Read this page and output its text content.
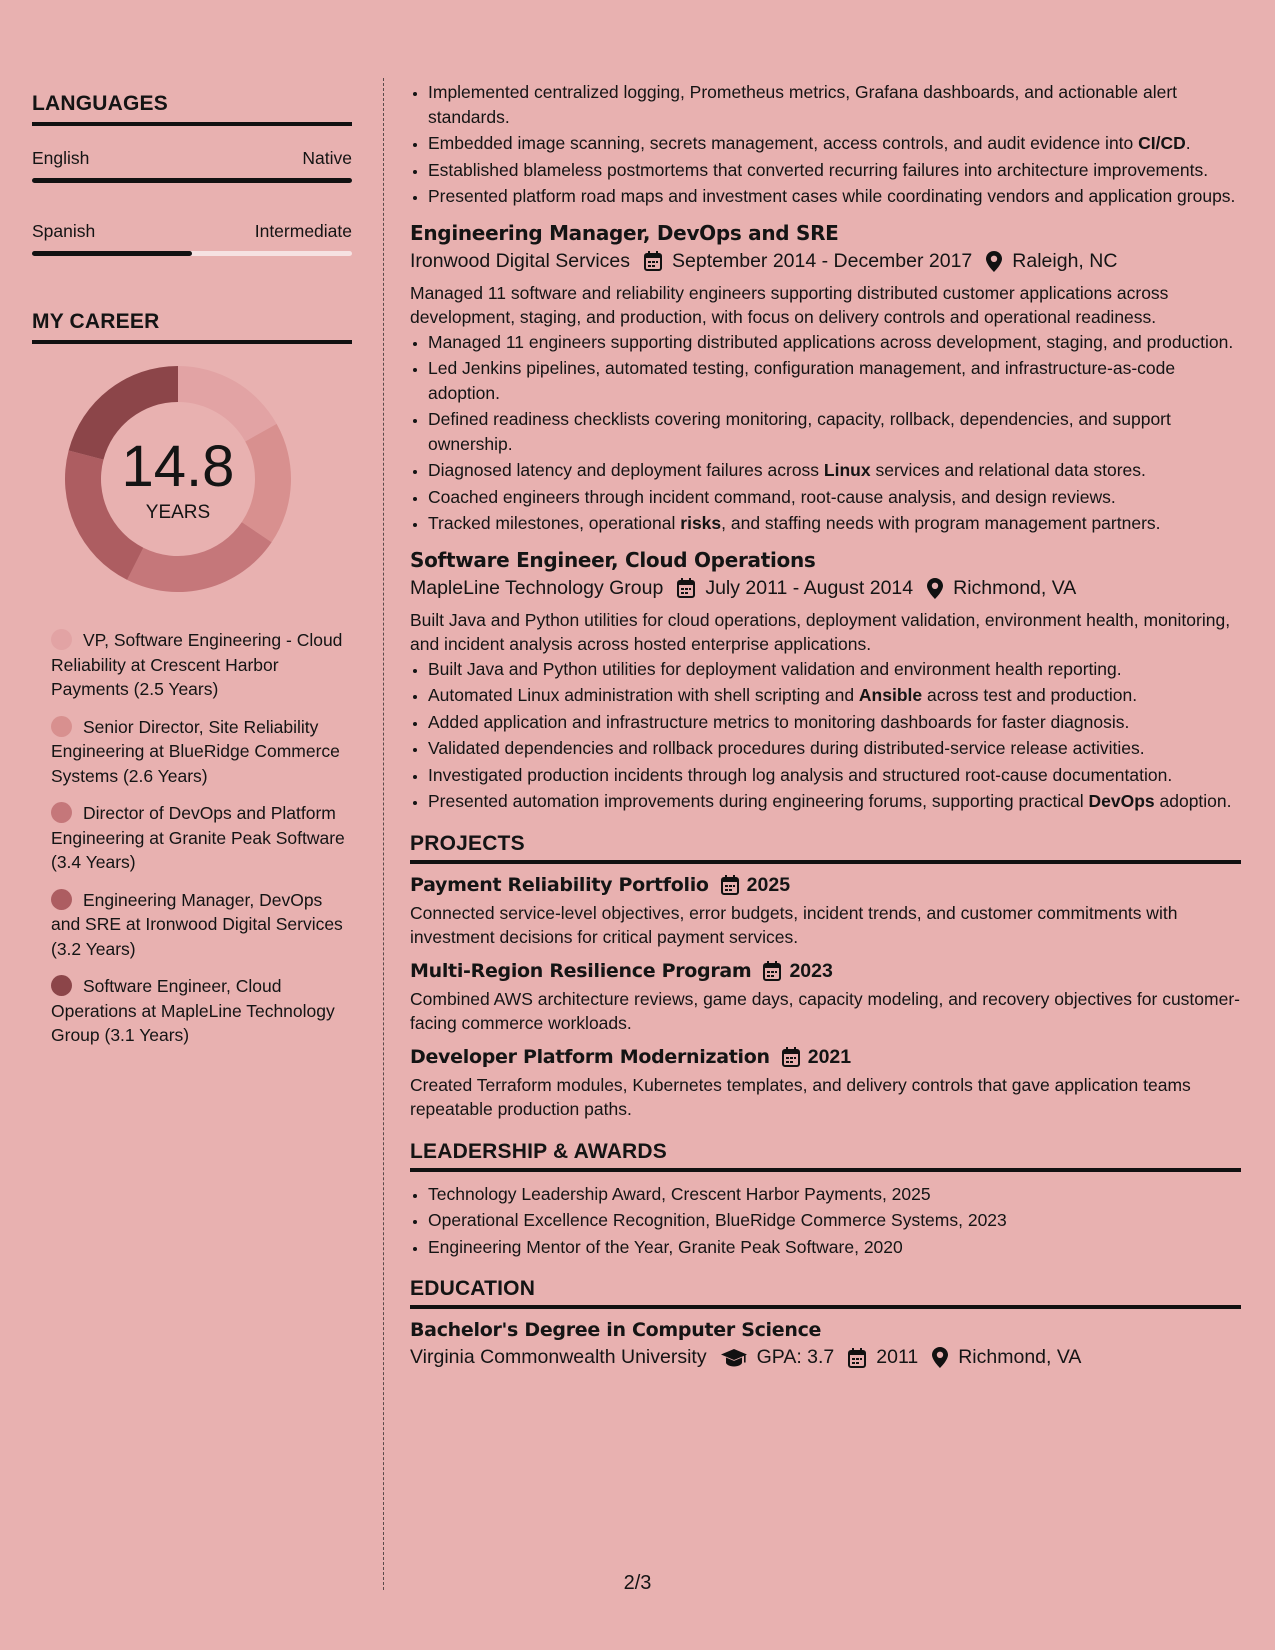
LANGUAGES
English	Native
Spanish	Intermediate
MY CAREER
14.8
YEARS
VP, Software Engineering - Cloud Reliability at Crescent Harbor Payments (2.5 Years)
Senior Director, Site Reliability Engineering at BlueRidge Commerce Systems (2.6 Years)
Director of DevOps and Platform Engineering at Granite Peak Software (3.4 Years)
Engineering Manager, DevOps and SRE at Ironwood Digital Services (3.2 Years)
Software Engineer, Cloud Operations at MapleLine Technology Group (3.1 Years)
• Implemented centralized logging, Prometheus metrics, Grafana dashboards, and actionable alert standards.
• Embedded image scanning, secrets management, access controls, and audit evidence into CI/CD.
• Established blameless postmortems that converted recurring failures into architecture improvements.
• Presented platform road maps and investment cases while coordinating vendors and application groups.
Engineering Manager, DevOps and SRE
Ironwood Digital Services September 2014 - December 2017 Raleigh, NC

Managed 11 software and reliability engineers supporting distributed customer applications across development, staging, and production, with focus on delivery controls and operational readiness.

• Managed 11 engineers supporting distributed applications across development, staging, and production.
• Led Jenkins pipelines, automated testing, configuration management, and infrastructure-as-code adoption.
• Defined readiness checklists covering monitoring, capacity, rollback, dependencies, and support ownership.
• Diagnosed latency and deployment failures across Linux services and relational data stores.
• Coached engineers through incident command, root-cause analysis, and design reviews.
• Tracked milestones, operational risks, and staffing needs with program management partners.
Software Engineer, Cloud Operations
MapleLine Technology Group July 2011 - August 2014 Richmond, VA

Built Java and Python utilities for cloud operations, deployment validation, environment health, monitoring, and incident analysis across hosted enterprise applications.

• Built Java and Python utilities for deployment validation and environment health reporting.
• Automated Linux administration with shell scripting and Ansible across test and production.
• Added application and infrastructure metrics to monitoring dashboards for faster diagnosis.
• Validated dependencies and rollback procedures during distributed-service release activities.
• Investigated production incidents through log analysis and structured root-cause documentation.
• Presented automation improvements during engineering forums, supporting practical DevOps adoption.
PROJECTS
Payment Reliability Portfolio 2025

Connected service-level objectives, error budgets, incident trends, and customer commitments with investment decisions for critical payment services.

Multi-Region Resilience Program 2023

Combined AWS architecture reviews, game days, capacity modeling, and recovery objectives for customer-facing commerce workloads.

Developer Platform Modernization 2021

Created Terraform modules, Kubernetes templates, and delivery controls that gave application teams repeatable production paths.

LEADERSHIP & AWARDS
• Technology Leadership Award, Crescent Harbor Payments, 2025
• Operational Excellence Recognition, BlueRidge Commerce Systems, 2023
• Engineering Mentor of the Year, Granite Peak Software, 2020
EDUCATION
Bachelor's Degree in Computer Science
Virginia Commonwealth University	GPA: 3.7 2011 Richmond, VA
2/3
